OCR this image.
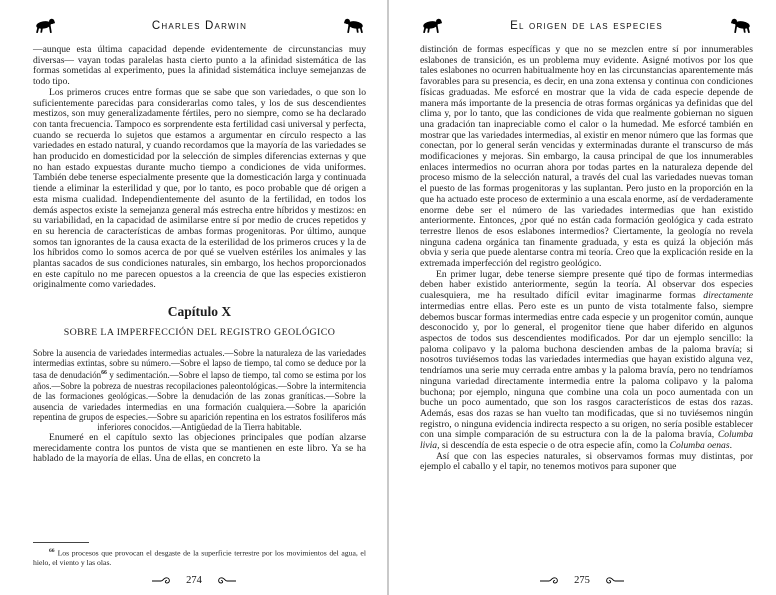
Charles Darwin

—aunque esta última capacidad depende evidentemente de circunstancias muy diversas— vayan todas paralelas hasta cierto punto a la afinidad sistemática de las formas sometidas al experimento, pues la afinidad sistemática incluye semejanzas de todo tipo.

Los primeros cruces entre formas que se sabe que son variedades, o que son lo suficientemente parecidas para considerarlas como tales, y los de sus descendientes mestizos, son muy generalizadamente fértiles, pero no siempre, como se ha declarado con tanta frecuencia. Tampoco es sorprendente esta fertilidad casi universal y perfecta, cuando se recuerda lo sujetos que estamos a argumentar en círculo respecto a las variedades en estado natural, y cuando recordamos que la mayoría de las variedades se han producido en domesticidad por la selección de simples diferencias externas y que no han estado expuestas durante mucho tiempo a condiciones de vida uniformes. También debe tenerse especialmente presente que la domesticación larga y continuada tiende a eliminar la esterilidad y que, por lo tanto, es poco probable que dé origen a esta misma cualidad. Independientemente del asunto de la fertilidad, en todos los demás aspectos existe la semejanza general más estrecha entre híbridos y mestizos: en su variabilidad, en la capacidad de asimilarse entre sí por medio de cruces repetidos y en su herencia de características de ambas formas progenitoras. Por último, aunque somos tan ignorantes de la causa exacta de la esterilidad de los primeros cruces y la de los híbridos como lo somos acerca de por qué se vuelven estériles los animales y las plantas sacados de sus condiciones naturales, sin embargo, los hechos proporcionados en este capítulo no me parecen opuestos a la creencia de que las especies existieron originalmente como variedades.

Capítulo X
SOBRE LA IMPERFECCIÓN DEL REGISTRO GEOLÓGICO
Sobre la ausencia de variedades intermedias actuales.—Sobre la naturaleza de las variedades intermedias extintas, sobre su número.—Sobre el lapso de tiempo, tal como se deduce por la tasa de denudación$^{66}$ y sedimentación.—Sobre el lapso de tiempo, tal como se estima por los años.—Sobre la pobreza de nuestras recopilaciones paleontológicas.—Sobre la intermitencia de las formaciones geológicas.—Sobre la denudación de las zonas graníticas.—Sobre la ausencia de variedades intermedias en una formación cualquiera.—Sobre la aparición repentina de grupos de especies.—Sobre su aparición repentina en los estratos fosilíferos más inferiores conocidos.—Antigüedad de la Tierra habitable.

Enumeré en el capítulo sexto las objeciones principales que podían alzarse merecidamente contra los puntos de vista que se mantienen en este libro. Ya se ha hablado de la mayoría de ellas. Una de ellas, en concreto la

$^{66}$ Los procesos que provocan el desgaste de la superficie terrestre por los movimientos del agua, el hielo, el viento y las olas.
274
El origen de las especies

distinción de formas específicas y que no se mezclen entre sí por innumerables eslabones de transición, es un problema muy evidente. Asigné motivos por los que tales eslabones no ocurren habitualmente hoy en las circunstancias aparentemente más favorables para su presencia, es decir, en una zona extensa y continua con condiciones físicas graduadas. Me esforcé en mostrar que la vida de cada especie depende de manera más importante de la presencia de otras formas orgánicas ya definidas que del clima y, por lo tanto, que las condiciones de vida que realmente gobiernan no siguen una gradación tan inapreciable como el calor o la humedad. Me esforcé también en mostrar que las variedades intermedias, al existir en menor número que las formas que conectan, por lo general serán vencidas y exterminadas durante el transcurso de más modificaciones y mejoras. Sin embargo, la causa principal de que los innumerables enlaces intermedios no ocurran ahora por todas partes en la naturaleza depende del proceso mismo de la selección natural, a través del cual las variedades nuevas toman el puesto de las formas progenitoras y las suplantan. Pero justo en la proporción en la que ha actuado este proceso de exterminio a una escala enorme, así de verdaderamente enorme debe ser el número de las variedades intermedias que han existido anteriormente. Entonces, ¿por qué no están cada formación geológica y cada estrato terrestre llenos de esos eslabones intermedios? Ciertamente, la geología no revela ninguna cadena orgánica tan finamente graduada, y esta es quizá la objeción más obvia y seria que puede alentarse contra mi teoría. Creo que la explicación reside en la extremada imperfección del registro geológico.

En primer lugar, debe tenerse siempre presente qué tipo de formas intermedias deben haber existido anteriormente, según la teoría. Al observar dos especies cualesquiera, me ha resultado difícil evitar imaginarme formas directamente intermedias entre ellas. Pero este es un punto de vista totalmente falso, siempre debemos buscar formas intermedias entre cada especie y un progenitor común, aunque desconocido y, por lo general, el progenitor tiene que haber diferido en algunos aspectos de todos sus descendientes modificados. Por dar un ejemplo sencillo: la paloma colipavo y la paloma buchona descienden ambas de la paloma bravía; si nosotros tuviésemos todas las variedades intermedias que hayan existido alguna vez, tendríamos una serie muy cerrada entre ambas y la paloma bravía, pero no tendríamos ninguna variedad directamente intermedia entre la paloma colipavo y la paloma buchona; por ejemplo, ninguna que combine una cola un poco aumentada con un buche un poco aumentado, que son los rasgos característicos de estas dos razas. Además, esas dos razas se han vuelto tan modificadas, que si no tuviésemos ningún registro, o ninguna evidencia indirecta respecto a su origen, no sería posible establecer con una simple comparación de su estructura con la de la paloma bravía, Columba livia, si descendía de esta especie o de otra especie afín, como la Columba oenas.

Así que con las especies naturales, si observamos formas muy distintas, por ejemplo el caballo y el tapir, no tenemos motivos para suponer que

275
